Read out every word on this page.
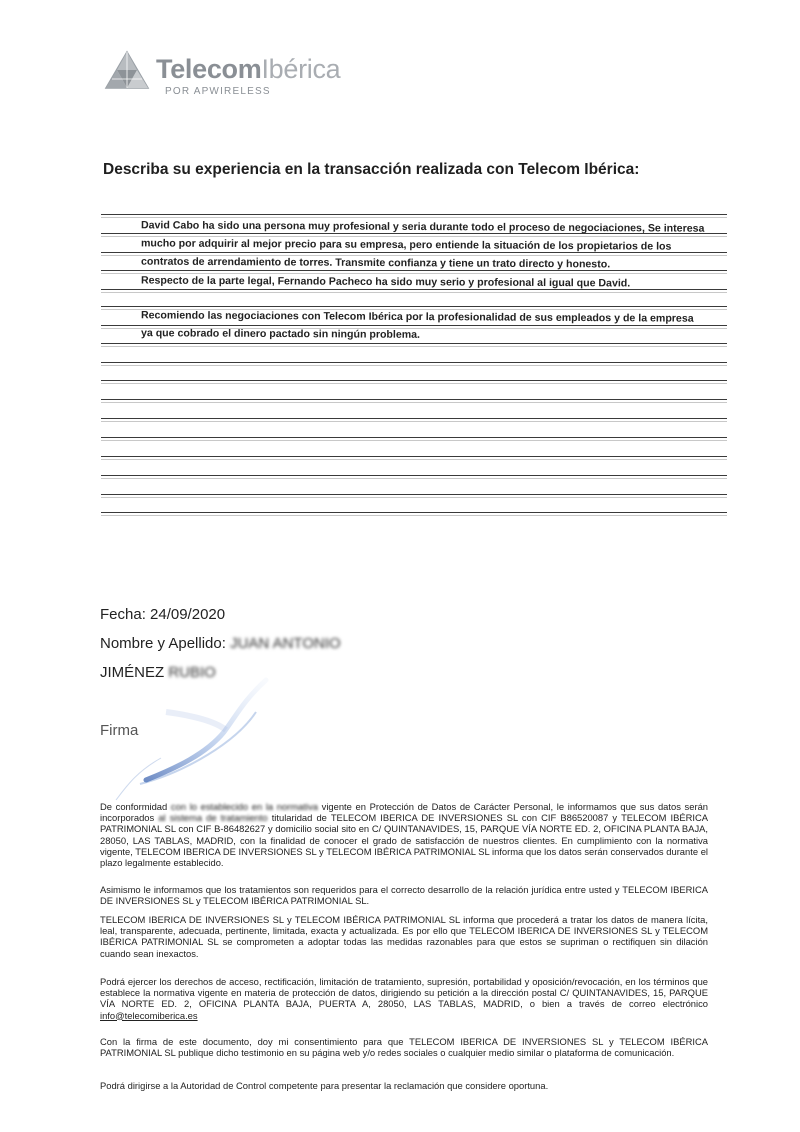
TelecomIbérica
POR APWIRELESS
Describa su experiencia en la transacción realizada con Telecom Ibérica:
David Cabo ha sido una persona muy profesional y seria durante todo el proceso de negociaciones, Se interesa
mucho por adquirir al mejor precio para su empresa, pero entiende la situación de los propietarios de los
contratos de arrendamiento de torres. Transmite confianza y tiene un trato directo y honesto.
Respecto de la parte legal, Fernando Pacheco ha sido muy serio y profesional al igual que David.
Recomiendo las negociaciones con Telecom Ibérica por la profesionalidad de sus empleados y de la empresa
ya que cobrado el dinero pactado sin ningún problema.
Fecha: 24/09/2020
Nombre y Apellido: JUAN ANTONIO
JIMÉNEZ RUBIO
Firma
De conformidad con lo establecido en la normativa vigente en Protección de Datos de Carácter Personal, le informamos que sus datos serán incorporados al sistema de tratamiento titularidad de TELECOM IBERICA DE INVERSIONES SL con CIF B86520087 y TELECOM IBÉRICA PATRIMONIAL SL con CIF B-86482627 y domicilio social sito en C/ QUINTANAVIDES, 15, PARQUE VÍA NORTE ED. 2, OFICINA PLANTA BAJA, 28050, LAS TABLAS, MADRID, con la finalidad de conocer el grado de satisfacción de nuestros clientes. En cumplimiento con la normativa vigente, TELECOM IBERICA DE INVERSIONES SL y TELECOM IBÉRICA PATRIMONIAL SL informa que los datos serán conservados durante el plazo legalmente establecido.
Asimismo le informamos que los tratamientos son requeridos para el correcto desarrollo de la relación jurídica entre usted y TELECOM IBERICA DE INVERSIONES SL y TELECOM IBÉRICA PATRIMONIAL SL.
TELECOM IBERICA DE INVERSIONES SL y TELECOM IBÉRICA PATRIMONIAL SL informa que procederá a tratar los datos de manera lícita, leal, transparente, adecuada, pertinente, limitada, exacta y actualizada. Es por ello que TELECOM IBERICA DE INVERSIONES SL y TELECOM IBÉRICA PATRIMONIAL SL se comprometen a adoptar todas las medidas razonables para que estos se supriman o rectifiquen sin dilación cuando sean inexactos.
Podrá ejercer los derechos de acceso, rectificación, limitación de tratamiento, supresión, portabilidad y oposición/revocación, en los términos que establece la normativa vigente en materia de protección de datos, dirigiendo su petición a la dirección postal C/ QUINTANAVIDES, 15, PARQUE VÍA NORTE ED. 2, OFICINA PLANTA BAJA, PUERTA A, 28050, LAS TABLAS, MADRID, o bien a través de correo electrónico info@telecomiberica.es
Con la firma de este documento, doy mi consentimiento para que TELECOM IBERICA DE INVERSIONES SL y TELECOM IBÉRICA PATRIMONIAL SL publique dicho testimonio en su página web y/o redes sociales o cualquier medio similar o plataforma de comunicación.
Podrá dirigirse a la Autoridad de Control competente para presentar la reclamación que considere oportuna.
